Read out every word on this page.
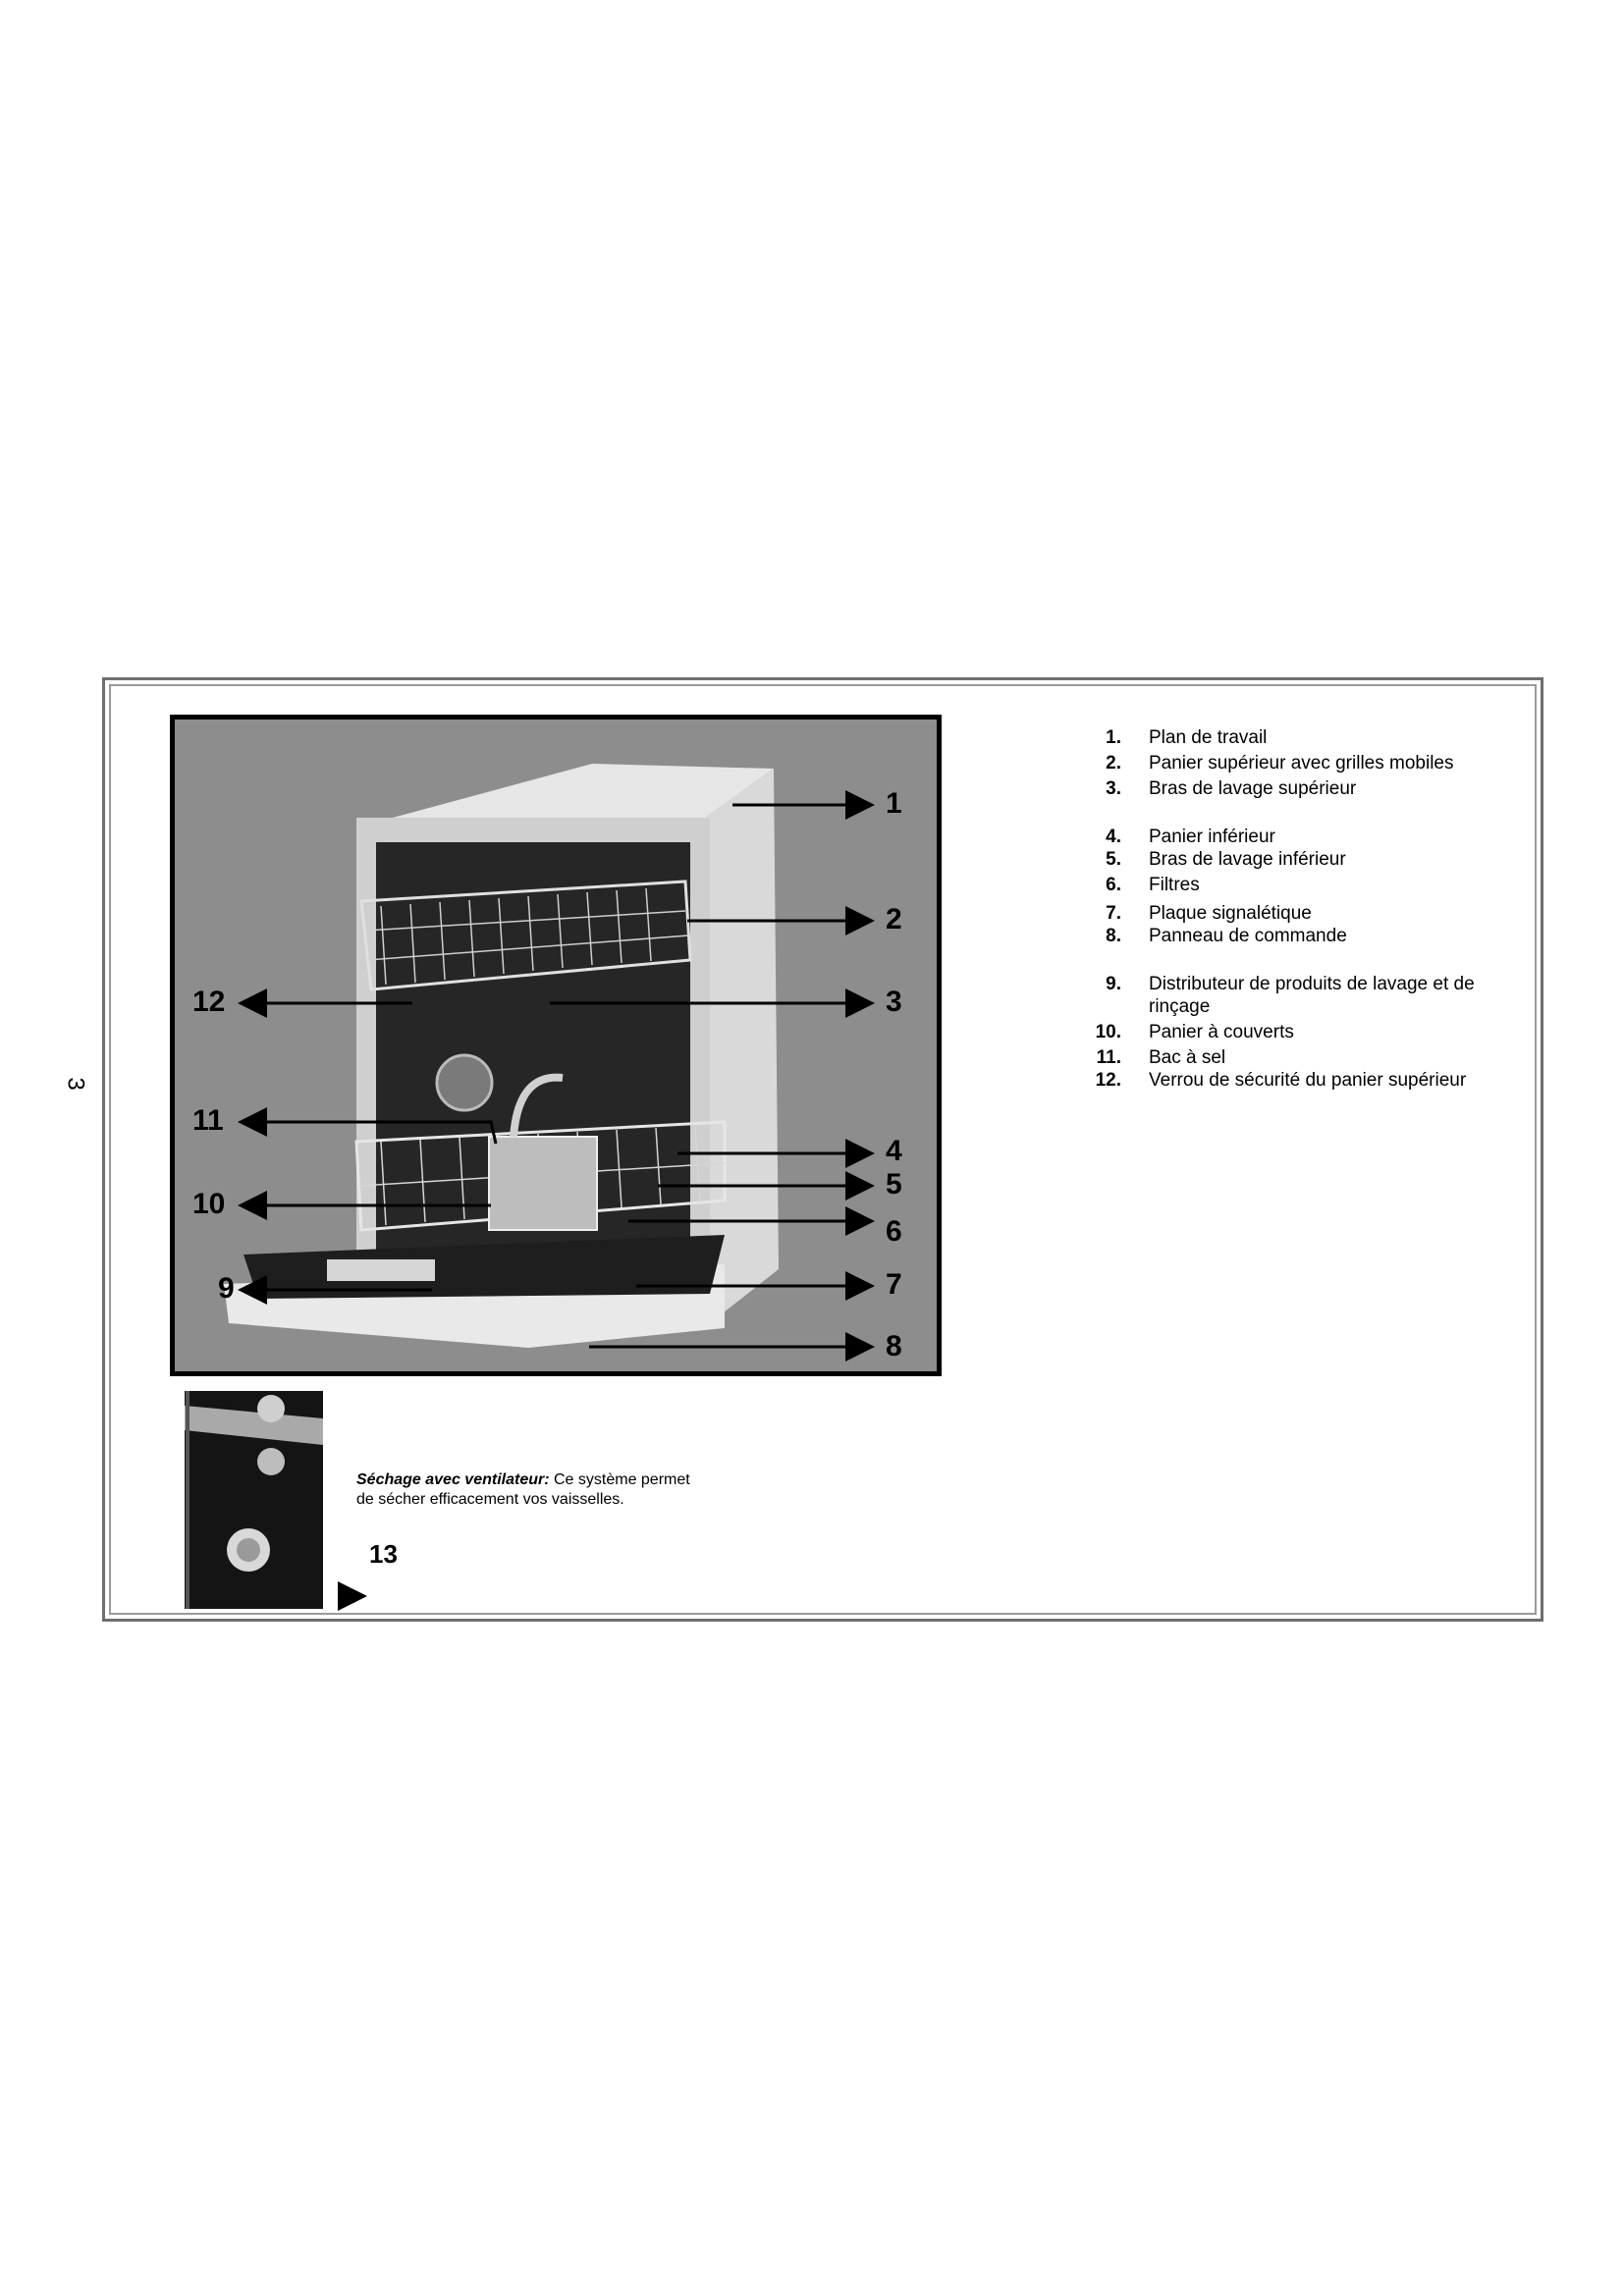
3
1
2
3
4
5
6
7
8
9
10
11
12
1.	Plan de travail
2.	Panier supérieur avec grilles mobiles
3.	Bras de lavage supérieur
4.	Panier inférieur
5.	Bras de lavage inférieur
6.	Filtres
7.	Plaque signalétique
8.	Panneau de commande
9.	Distributeur de produits de lavage et de rinçage
10.	Panier à couverts
11.	Bac à sel
12.	Verrou de sécurité du panier supérieur
Séchage avec ventilateur: Ce système permet de sécher efficacement vos vaisselles.
13
